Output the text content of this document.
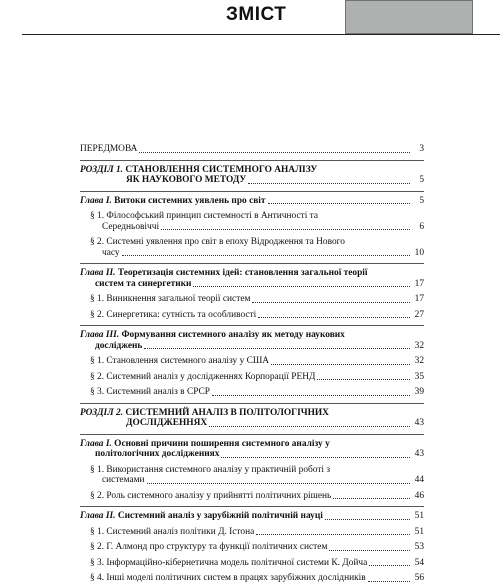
ЗМІСТ
ПЕРЕДМОВА	3
РОЗДІЛ 1. СТАНОВЛЕННЯ СИСТЕМНОГО АНАЛІЗУ
ЯК НАУКОВОГО МЕТОДУ	5
Глава І. Витоки системних уявлень про світ	5
§ 1. Філософський принцип системності в Античності та
Середньовіччі	6
§ 2. Системні уявлення про світ в епоху Відродження та Нового
часу	10
Глава II. Теоретизація системних ідей: становлення загальної теорії
систем та синергетики	17
§ 1. Виникнення загальної теорії систем	17
§ 2. Синергетика: сутність та особливості	27
Глава III. Формування системного аналізу як методу наукових
досліджень	32
§ 1. Становлення системного аналізу у США	32
§ 2. Системний аналіз у дослідженнях Корпорації РЕНД	35
§ 3. Системний аналіз в СРСР	39
РОЗДІЛ 2. СИСТЕМНИЙ АНАЛІЗ В ПОЛІТОЛОГІЧНИХ
ДОСЛІДЖЕННЯХ	43
Глава І. Основні причини поширення системного аналізу у
політологічних дослідженнях	43
§ 1. Використання системного аналізу у практичній роботі з
системами	44
§ 2. Роль системного аналізу у прийнятті політичних рішень	46
Глава II. Системний аналіз у зарубіжній політичній науці	51
§ 1. Системний аналіз політики Д. Істона	51
§ 2. Г. Алмонд про структуру та функції політичних систем	53
§ 3. Інформаційно-кібернетична модель політичної системи К. Дойча	54
§ 4. Інші моделі політичних систем в працях зарубіжних дослідників	56
